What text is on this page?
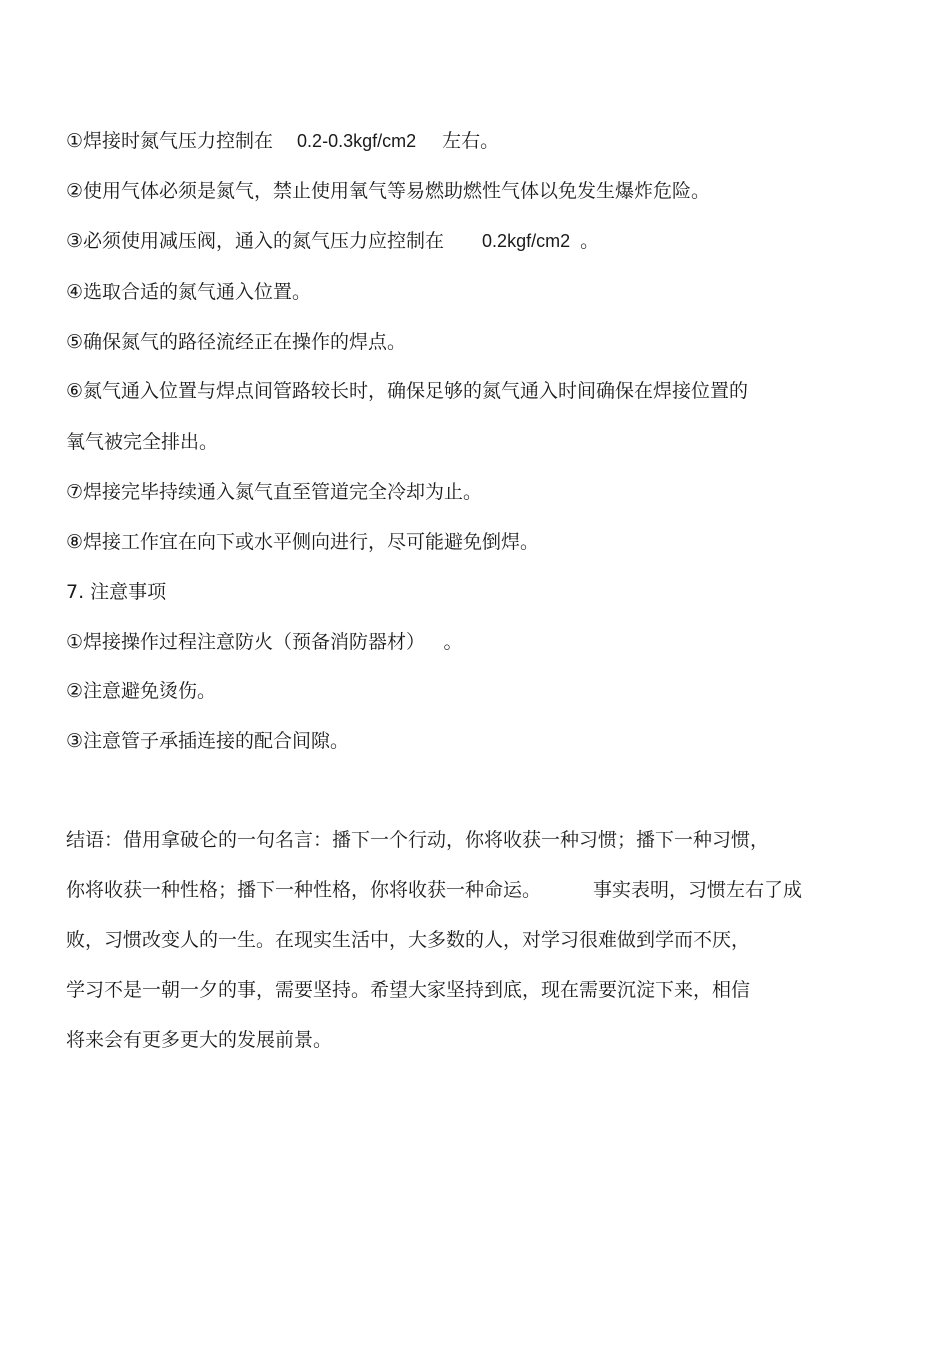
①焊接时氮气压力控制在 0.2-0.3kgf/cm2 左右。
②使用气体必须是氮气，禁止使用氧气等易燃助燃性气体以免发生爆炸危险。
③必须使用减压阀，通入的氮气压力应控制在 0.2kgf/cm2 。
④选取合适的氮气通入位置。
⑤确保氮气的路径流经正在操作的焊点。
⑥氮气通入位置与焊点间管路较长时，确保足够的氮气通入时间确保在焊接位置的
氧气被完全排出。
⑦焊接完毕持续通入氮气直至管道完全冷却为止。
⑧焊接工作宜在向下或水平侧向进行，尽可能避免倒焊。
7. 注意事项
①焊接操作过程注意防火（预备消防器材） 。
②注意避免烫伤。
③注意管子承插连接的配合间隙。
结语：借用拿破仑的一句名言：播下一个行动，你将收获一种习惯；播下一种习惯，
你将收获一种性格；播下一种性格，你将收获一种命运。	事实表明，习惯左右了成
败，习惯改变人的一生。在现实生活中，大多数的人，对学习很难做到学而不厌，
学习不是一朝一夕的事，需要坚持。希望大家坚持到底，现在需要沉淀下来，相信
将来会有更多更大的发展前景。
